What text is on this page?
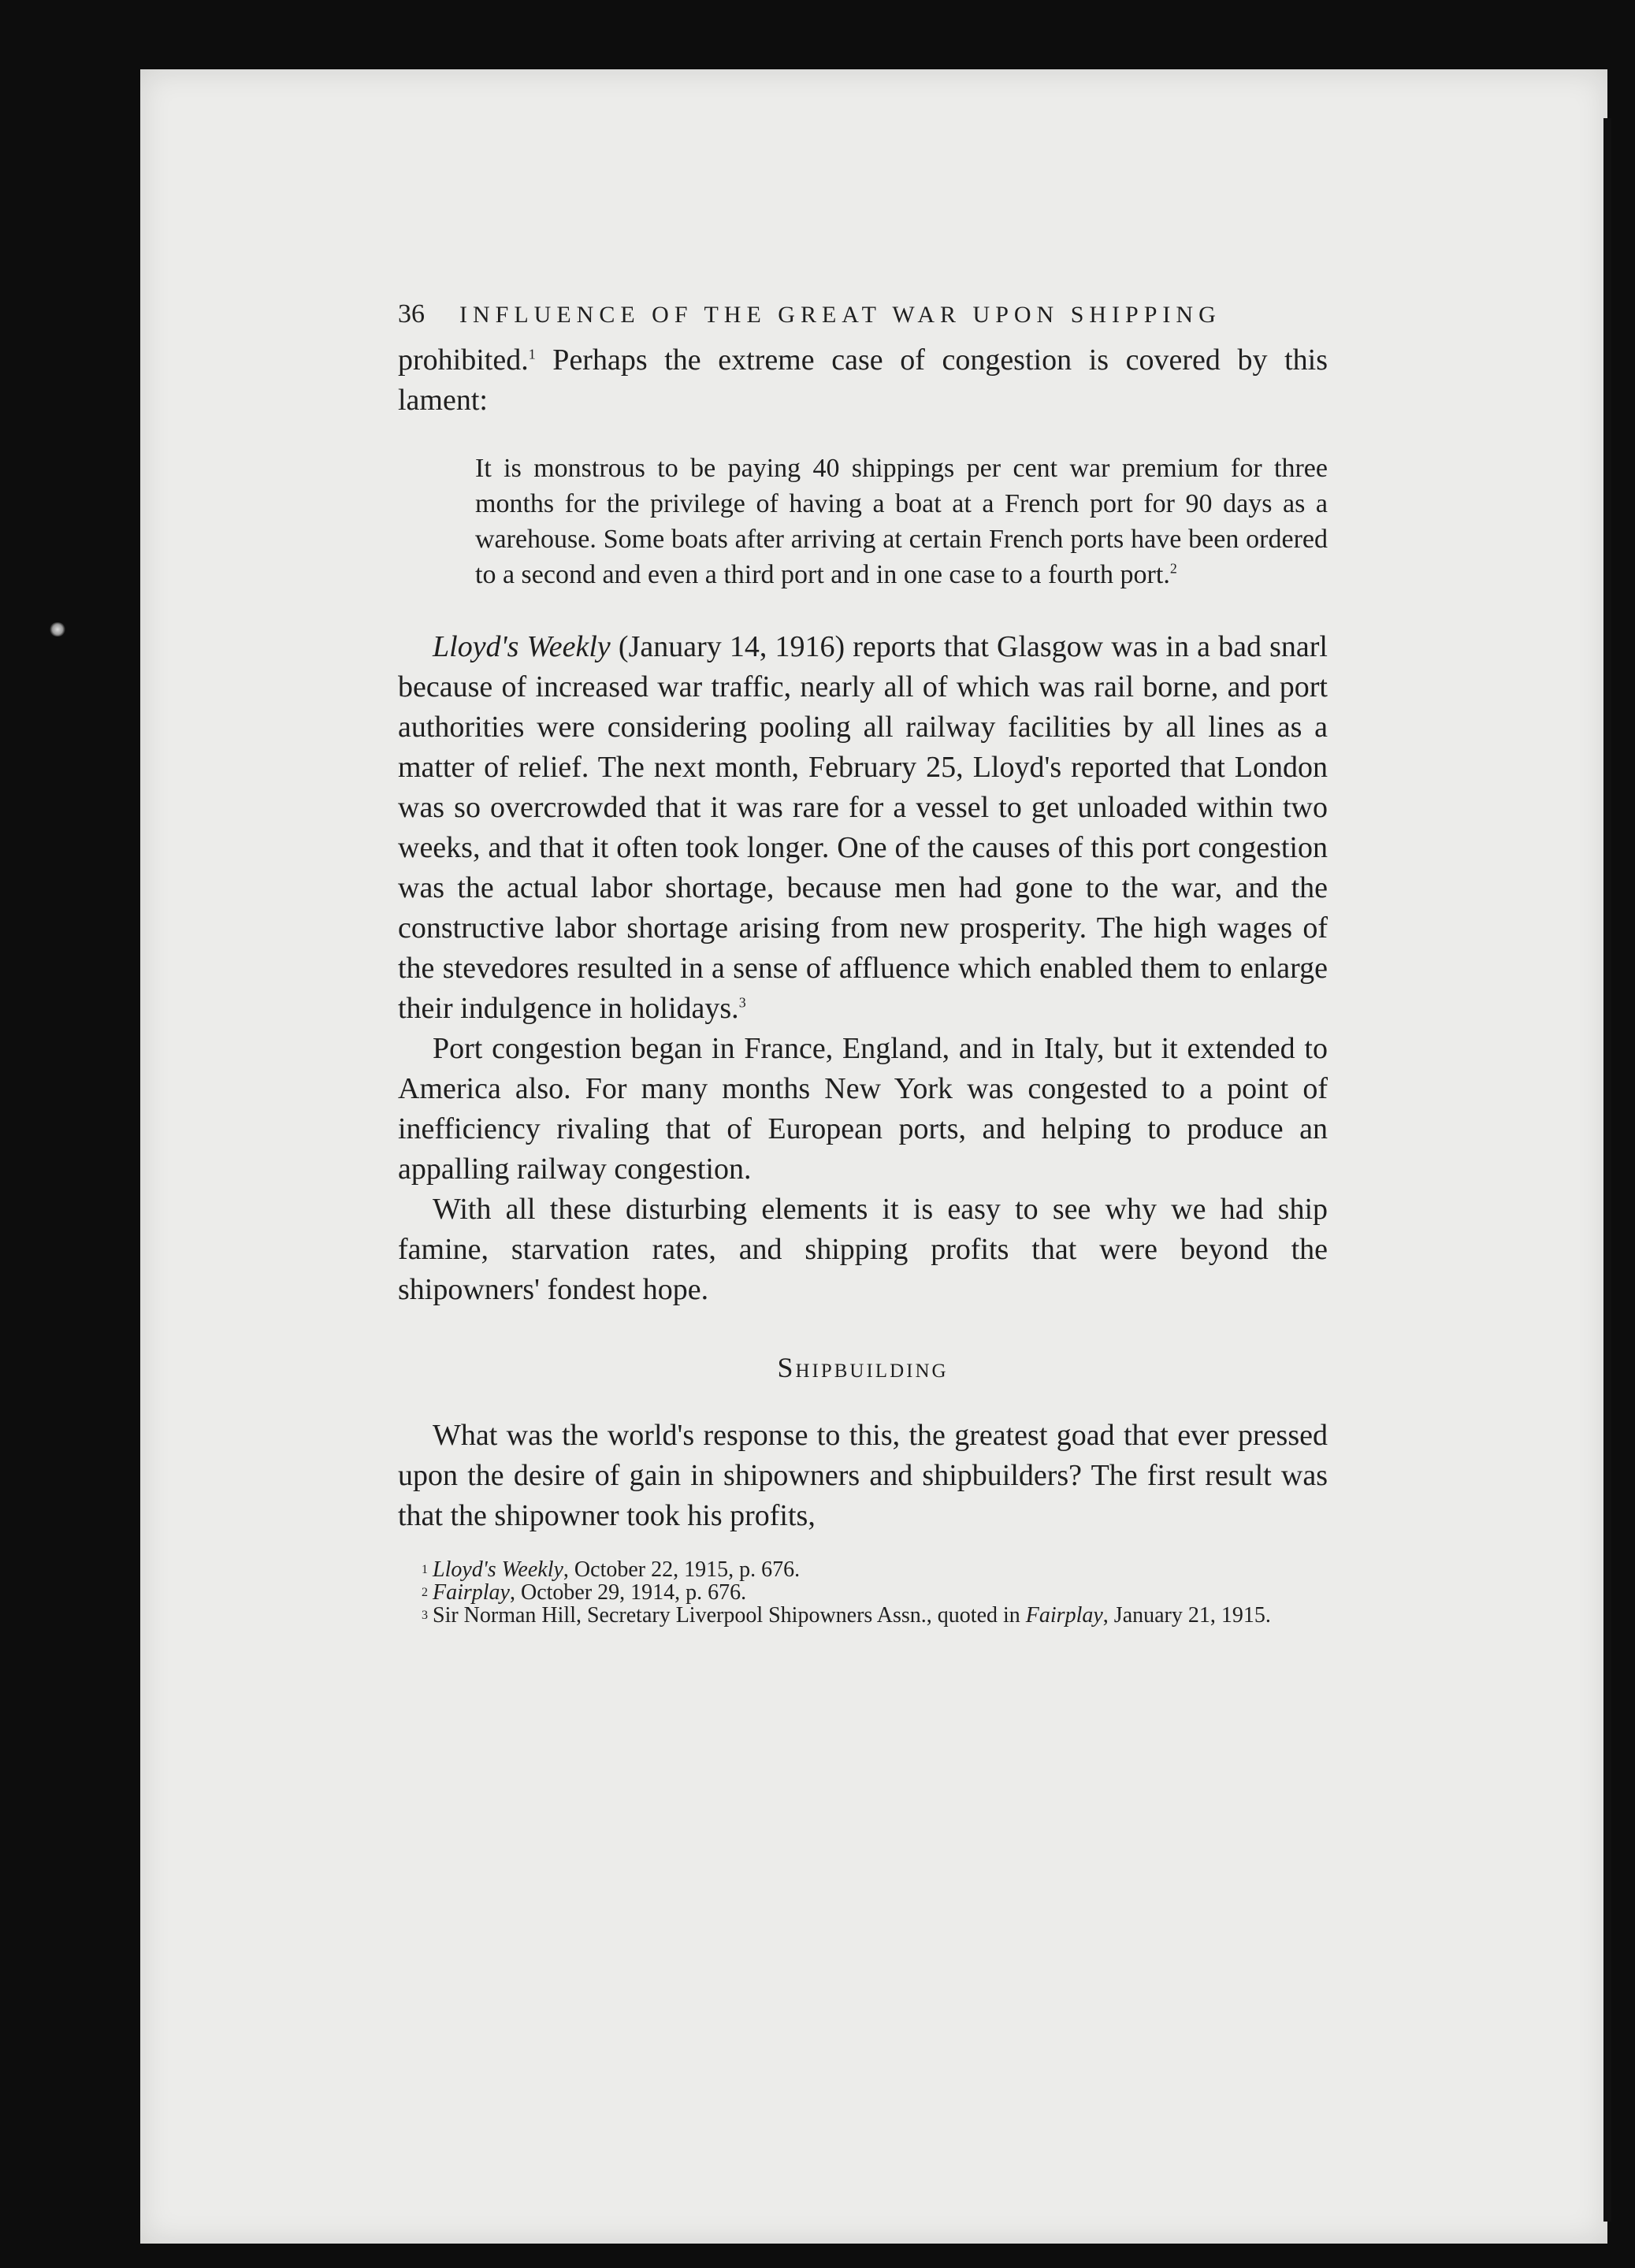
36 INFLUENCE OF THE GREAT WAR UPON SHIPPING

prohibited.$^1$ Perhaps the extreme case of congestion is covered by this lament:

It is monstrous to be paying 40 shippings per cent war premium for three months for the privilege of having a boat at a French port for 90 days as a warehouse. Some boats after arriving at certain French ports have been ordered to a second and even a third port and in one case to a fourth port.$^2$

Lloyd's Weekly (January 14, 1916) reports that Glasgow was in a bad snarl because of increased war traffic, nearly all of which was rail borne, and port authorities were considering pooling all railway facilities by all lines as a matter of relief. The next month, February 25, Lloyd's reported that London was so overcrowded that it was rare for a vessel to get unloaded within two weeks, and that it often took longer. One of the causes of this port congestion was the actual labor shortage, because men had gone to the war, and the constructive labor shortage arising from new prosperity. The high wages of the stevedores resulted in a sense of affluence which enabled them to enlarge their indulgence in holidays.$^3$

Port congestion began in France, England, and in Italy, but it extended to America also. For many months New York was congested to a point of inefficiency rivaling that of European ports, and helping to produce an appalling railway congestion.

With all these disturbing elements it is easy to see why we had ship famine, starvation rates, and shipping profits that were beyond the shipowners' fondest hope.

Shipbuilding

What was the world's response to this, the greatest goad that ever pressed upon the desire of gain in shipowners and shipbuilders? The first result was that the shipowner took his profits,

$^1$ Lloyd's Weekly, October 22, 1915, p. 676.

$^2$ Fairplay, October 29, 1914, p. 676.

$^3$ Sir Norman Hill, Secretary Liverpool Shipowners Assn., quoted in Fairplay, January 21, 1915.
